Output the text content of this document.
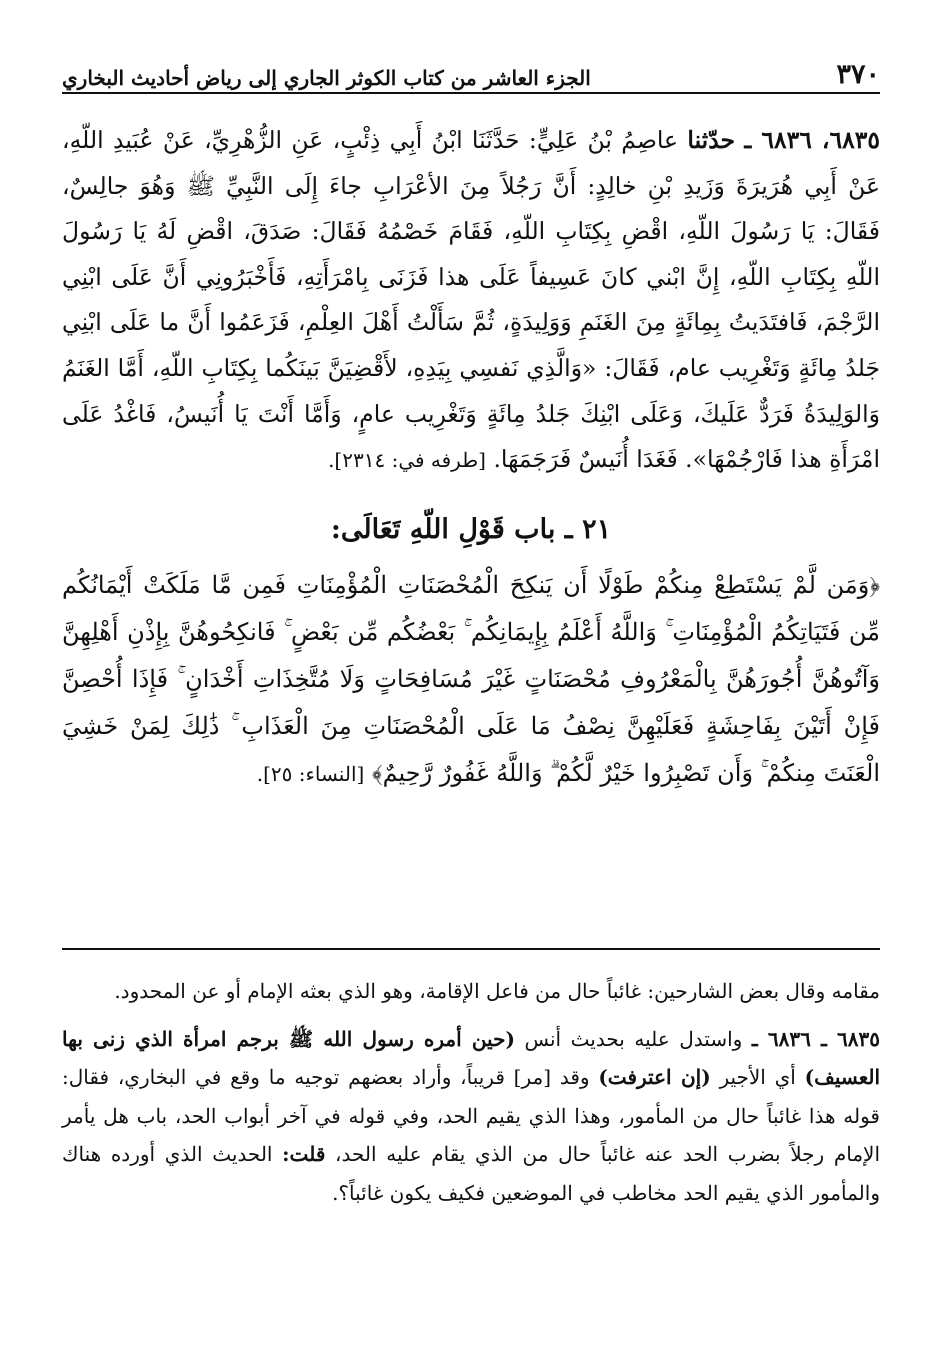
٣٧٠
الجزء العاشر من كتاب الكوثر الجاري إلى رياض أحاديث البخاري
٦٨٣٥، ٦٨٣٦ ـ حدّثنا عاصِمُ بْنُ عَلِيٍّ: حَدَّثَنَا ابْنُ أَبِي ذِئْبٍ، عَنِ الزُّهْرِيِّ، عَنْ عُبَيدِ اللّهِ، عَنْ أَبِي هُرَيرَةَ وَزَيدِ بْنِ خالِدٍ: أَنَّ رَجُلاً مِنَ الأعْرَابِ جاءَ إِلَى النَّبِيِّ ﷺ وَهُوَ جالِسٌ، فَقَالَ: يَا رَسُولَ اللّهِ، اقْضِ بِكِتَابِ اللّهِ، فَقَامَ خَصْمُهُ فَقَالَ: صَدَقَ، اقْضِ لَهُ يَا رَسُولَ اللّهِ بِكِتَابِ اللّهِ، إِنَّ ابْني كانَ عَسِيفاً عَلَى هذا فَزَنَى بِامْرَأَتِهِ، فَأَخْبَرُونِي أَنَّ عَلَى ابْنِي الرَّجْمَ، فَافتَدَيتُ بِمِائَةٍ مِنَ الغَنَمِ وَوَلِيدَةٍ، ثُمَّ سَأَلْتُ أَهْلَ العِلْمِ، فَزَعَمُوا أَنَّ ما عَلَى ابْنِي جَلدُ مِائَةٍ وَتَغْرِيب عام، فَقَالَ: «وَالَّذِي نَفسِي بِيَدِهِ، لأَقْضِيَنَّ بَينَكُما بِكِتَابِ اللّهِ، أَمَّا الغَنَمُ وَالوَلِيدَةُ فَرَدٌّ عَلَيكَ، وَعَلَى ابْنِكَ جَلدُ مِائَةٍ وَتَغْرِيب عامٍ، وَأَمَّا أَنْتَ يَا أُنَيسُ، فَاغْدُ عَلَى امْرَأَةِ هذا فَارْجُمْهَا». فَغَدَا أُنَيسٌ فَرَجَمَهَا. [طرفه في: ٢٣١٤].
٢١ ـ باب قَوْلِ اللّهِ تَعَالَى:
﴿وَمَن لَّمْ يَسْتَطِعْ مِنكُمْ طَوْلًا أَن يَنكِحَ الْمُحْصَنَاتِ الْمُؤْمِنَاتِ فَمِن مَّا مَلَكَتْ أَيْمَانُكُم مِّن فَتَيَاتِكُمُ الْمُؤْمِنَاتِ ۚ وَاللَّهُ أَعْلَمُ بِإِيمَانِكُم ۚ بَعْضُكُم مِّن بَعْضٍ ۚ فَانكِحُوهُنَّ بِإِذْنِ أَهْلِهِنَّ وَآتُوهُنَّ أُجُورَهُنَّ بِالْمَعْرُوفِ مُحْصَنَاتٍ غَيْرَ مُسَافِحَاتٍ وَلَا مُتَّخِذَاتِ أَخْدَانٍ ۚ فَإِذَا أُحْصِنَّ فَإِنْ أَتَيْنَ بِفَاحِشَةٍ فَعَلَيْهِنَّ نِصْفُ مَا عَلَى الْمُحْصَنَاتِ مِنَ الْعَذَابِ ۚ ذَٰلِكَ لِمَنْ خَشِيَ الْعَنَتَ مِنكُمْ ۚ وَأَن تَصْبِرُوا خَيْرٌ لَّكُمْ ۗ وَاللَّهُ غَفُورٌ رَّحِيمٌ﴾ [النساء: ٢٥].

مقامه وقال بعض الشارحين: غائباً حال من فاعل الإقامة، وهو الذي بعثه الإمام أو عن المحدود.

٦٨٣٥ ـ ٦٨٣٦ ـ واستدل عليه بحديث أنس (حين أمره رسول الله ﷺ برجم امرأة الذي زنى بها العسيف) أي الأجير (إن اعترفت) وقد [مر] قريباً، وأراد بعضهم توجيه ما وقع في البخاري، فقال: قوله هذا غائباً حال من المأمور، وهذا الذي يقيم الحد، وفي قوله في آخر أبواب الحد، باب هل يأمر الإمام رجلاً بضرب الحد عنه غائباً حال من الذي يقام عليه الحد، قلت: الحديث الذي أورده هناك والمأمور الذي يقيم الحد مخاطب في الموضعين فكيف يكون غائباً؟.
